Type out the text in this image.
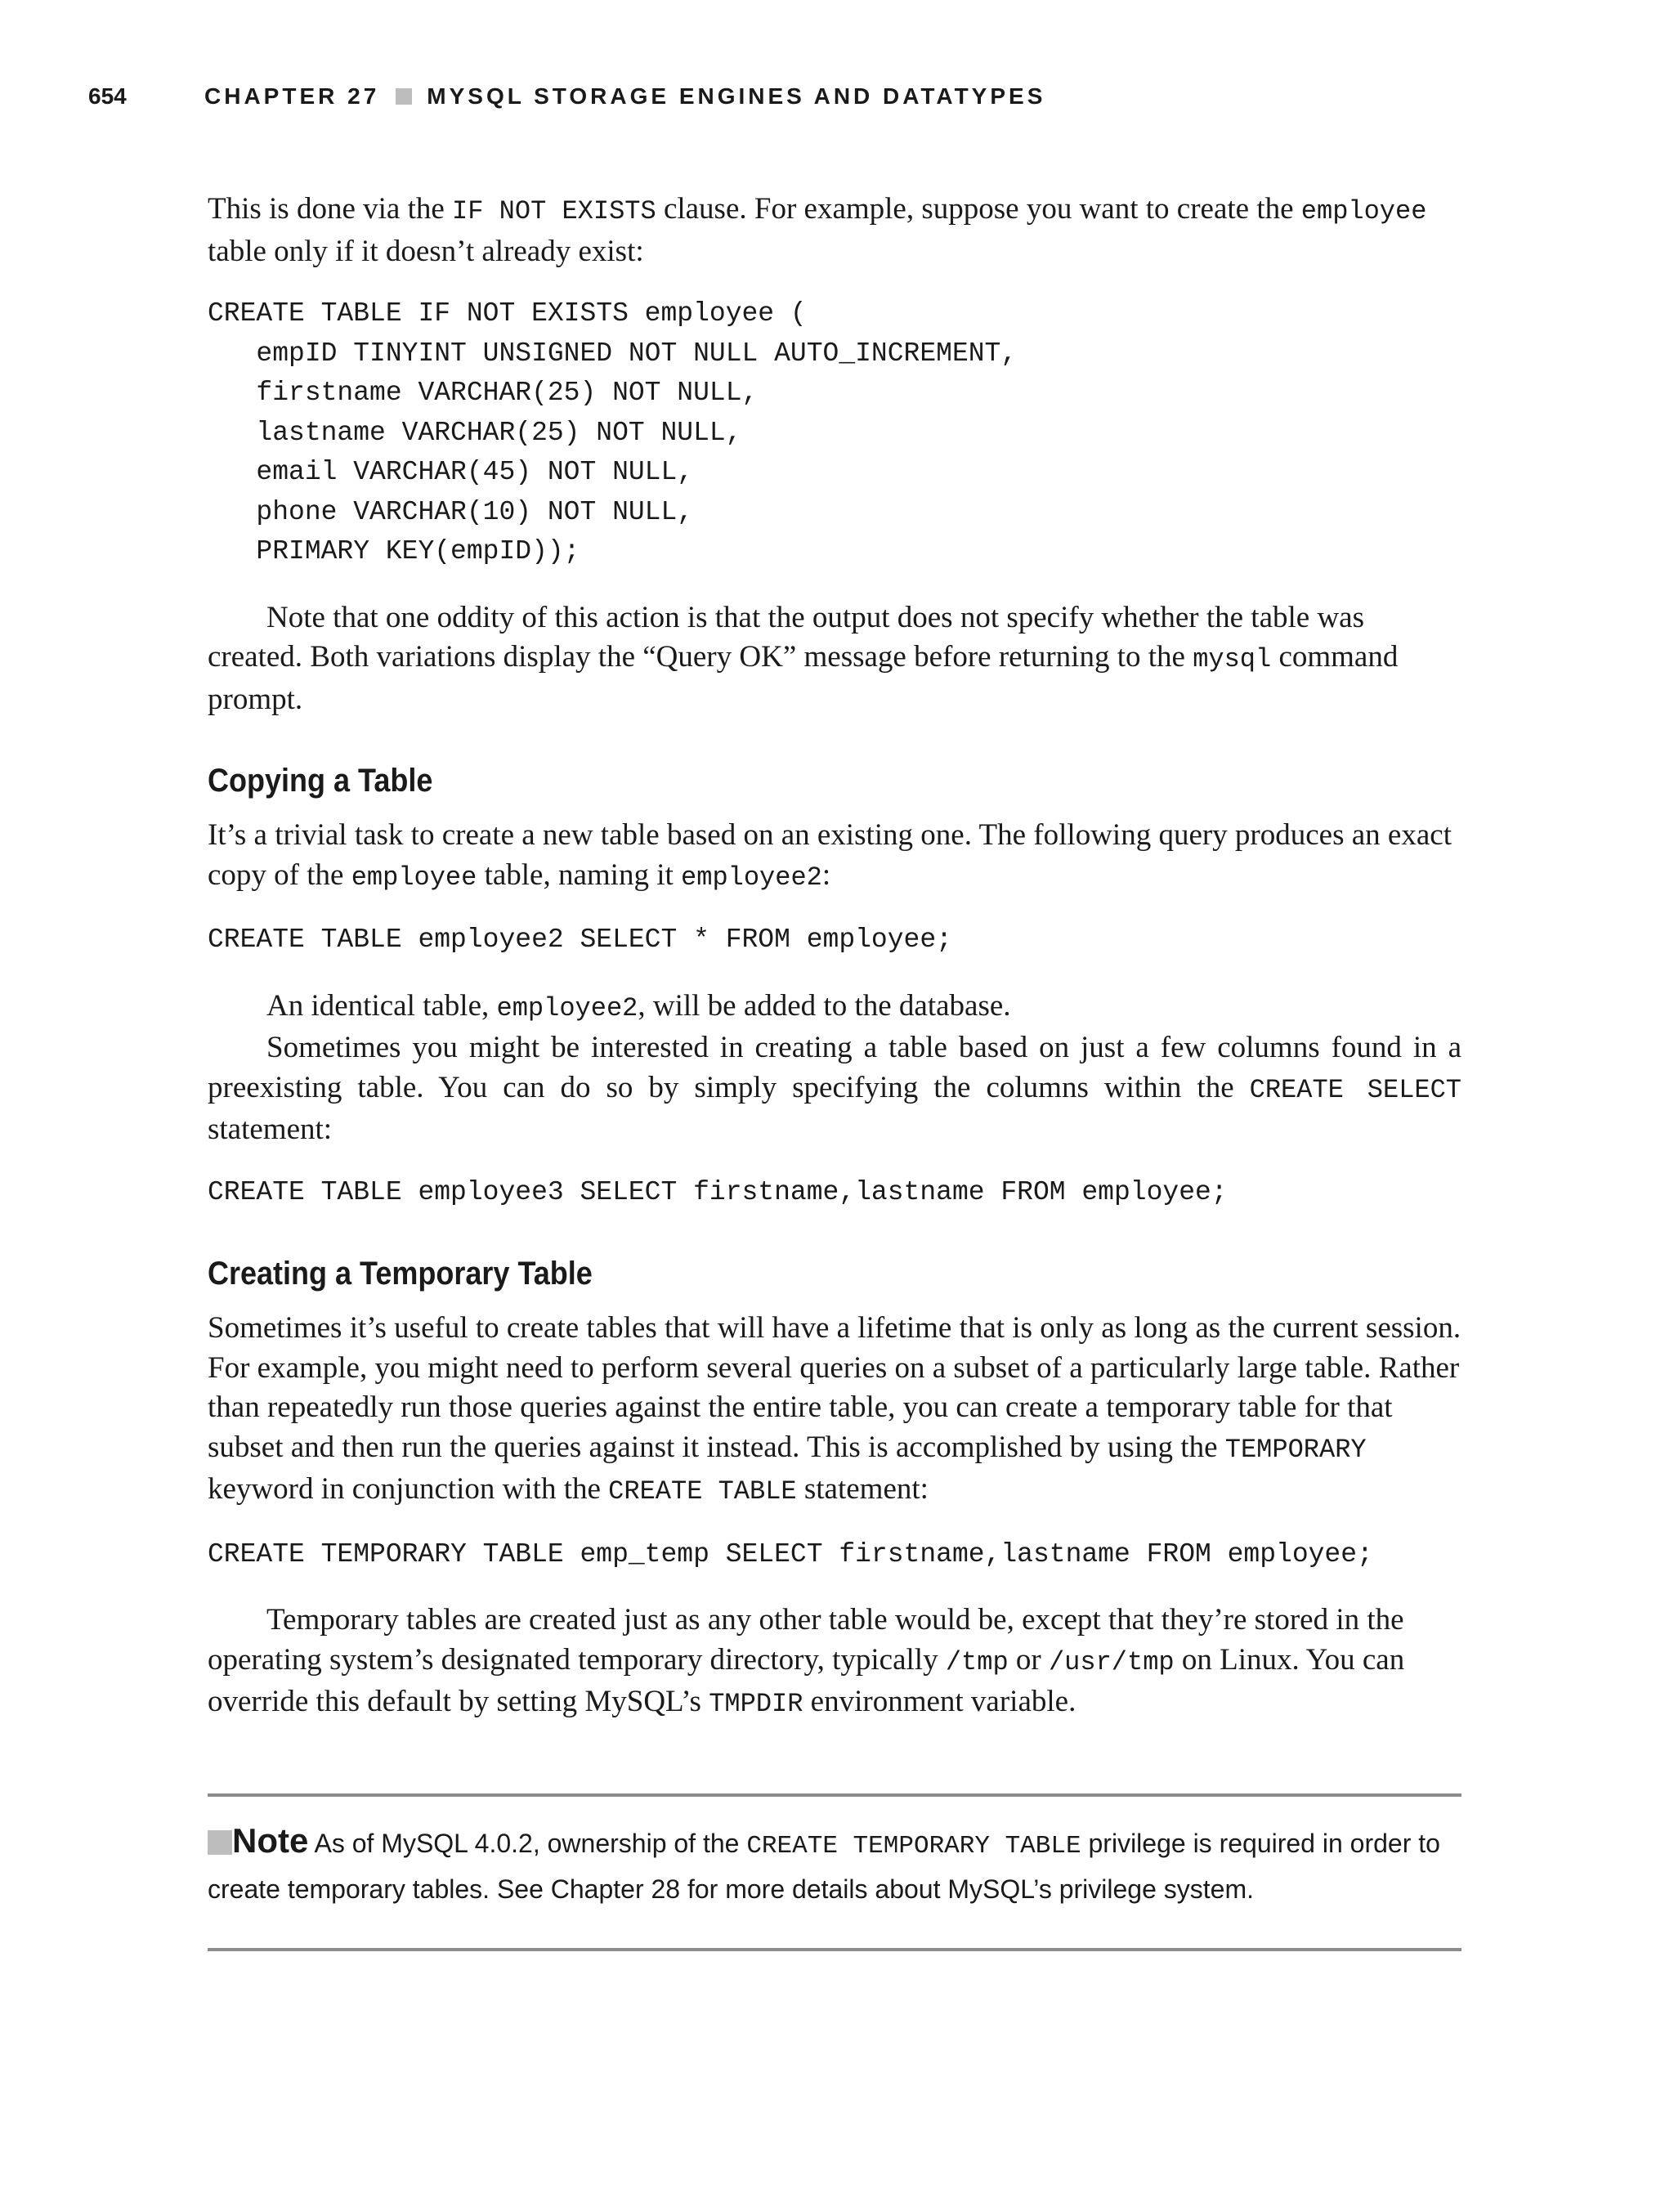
654	CHAPTER 27 MYSQL STORAGE ENGINES AND DATATYPES

This is done via the IF NOT EXISTS clause. For example, suppose you want to create the employee table only if it doesn’t already exist:

CREATE TABLE IF NOT EXISTS employee (
empID TINYINT UNSIGNED NOT NULL AUTO_INCREMENT,
firstname VARCHAR(25) NOT NULL,
lastname VARCHAR(25) NOT NULL,
email VARCHAR(45) NOT NULL,
phone VARCHAR(10) NOT NULL,
PRIMARY KEY(empID));

Note that one oddity of this action is that the output does not specify whether the table was created. Both variations display the “Query OK” message before returning to the mysql command prompt.

Copying a Table

It’s a trivial task to create a new table based on an existing one. The following query produces an exact copy of the employee table, naming it employee2:

CREATE TABLE employee2 SELECT * FROM employee;

An identical table, employee2, will be added to the database.

Sometimes you might be interested in creating a table based on just a few columns found in a preexisting table. You can do so by simply specifying the columns within the CREATE SELECT statement:

CREATE TABLE employee3 SELECT firstname,lastname FROM employee;
Creating a Temporary Table

Sometimes it’s useful to create tables that will have a lifetime that is only as long as the current session. For example, you might need to perform several queries on a subset of a particularly large table. Rather than repeatedly run those queries against the entire table, you can create a temporary table for that subset and then run the queries against it instead. This is accomplished by using the TEMPORARY keyword in conjunction with the CREATE TABLE statement:

CREATE TEMPORARY TABLE emp_temp SELECT firstname,lastname FROM employee;

Temporary tables are created just as any other table would be, except that they’re stored in the operating system’s designated temporary directory, typically /tmp or /usr/tmp on Linux. You can override this default by setting MySQL’s TMPDIR environment variable.

Note As of MySQL 4.0.2, ownership of the CREATE TEMPORARY TABLE privilege is required in order to create temporary tables. See Chapter 28 for more details about MySQL’s privilege system.
